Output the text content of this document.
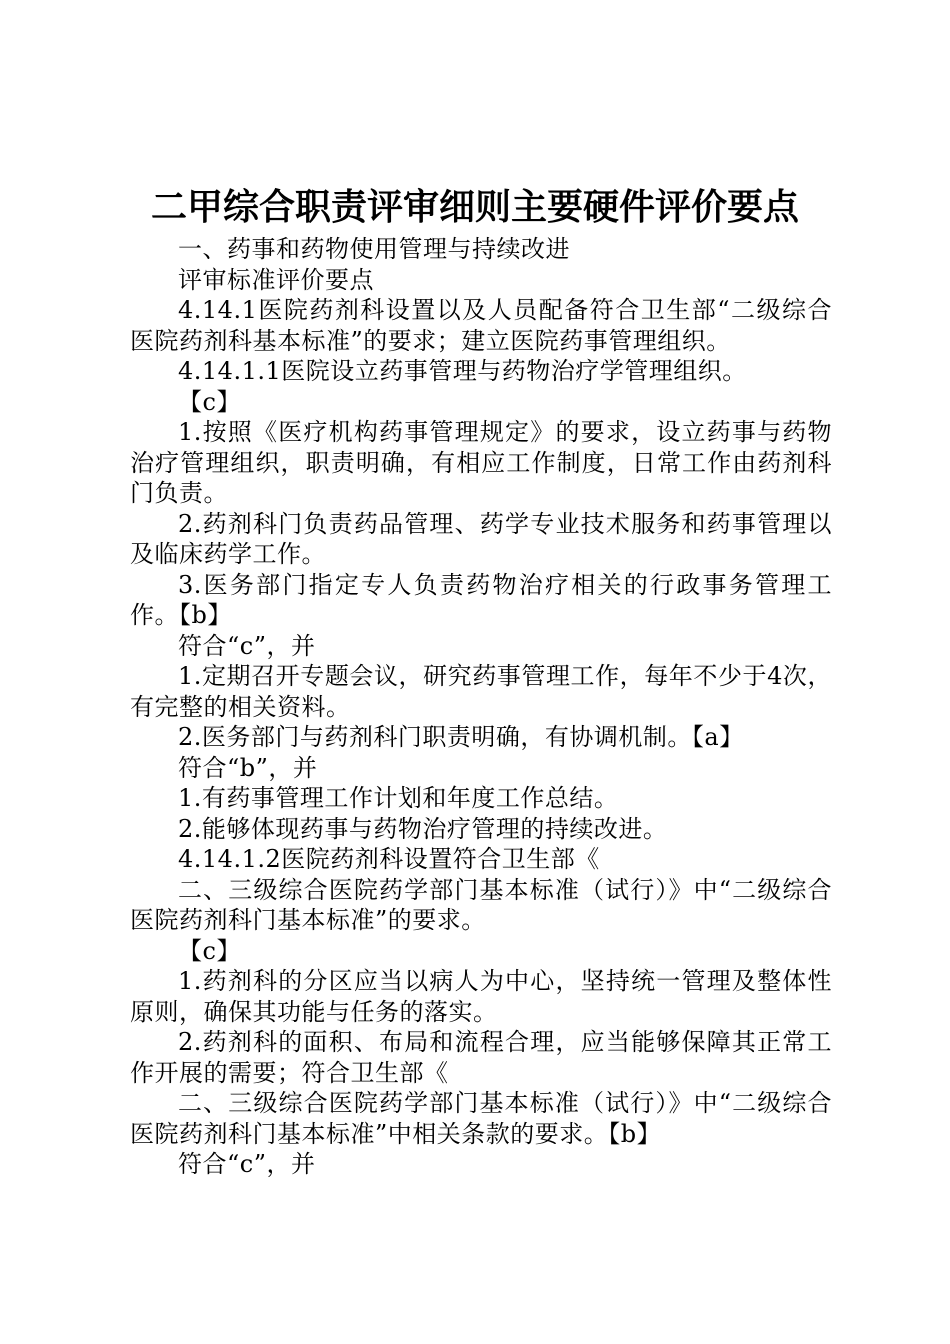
二甲综合职责评审细则主要硬件评价要点

一、药事和药物使用管理与持续改进

评审标准评价要点

4.14.1医院药剂科设置以及人员配备符合卫生部“二级综合医院药剂科基本标准”的要求；建立医院药事管理组织。

4.14.1.1医院设立药事管理与药物治疗学管理组织。

【c】

1.按照《医疗机构药事管理规定》的要求，设立药事与药物治疗管理组织，职责明确，有相应工作制度，日常工作由药剂科门负责。

2.药剂科门负责药品管理、药学专业技术服务和药事管理以及临床药学工作。

3.医务部门指定专人负责药物治疗相关的行政事务管理工作。【b】

符合“c”，并

1.定期召开专题会议，研究药事管理工作，每年不少于4次，有完整的相关资料。

2.医务部门与药剂科门职责明确，有协调机制。【a】

符合“b”，并

1.有药事管理工作计划和年度工作总结。

2.能够体现药事与药物治疗管理的持续改进。

4.14.1.2医院药剂科设置符合卫生部《

二、三级综合医院药学部门基本标准（试行）》中“二级综合医院药剂科门基本标准”的要求。

【c】

1.药剂科的分区应当以病人为中心，坚持统一管理及整体性原则，确保其功能与任务的落实。

2.药剂科的面积、布局和流程合理，应当能够保障其正常工作开展的需要；符合卫生部《

二、三级综合医院药学部门基本标准（试行）》中“二级综合医院药剂科门基本标准”中相关条款的要求。【b】

符合“c”，并
